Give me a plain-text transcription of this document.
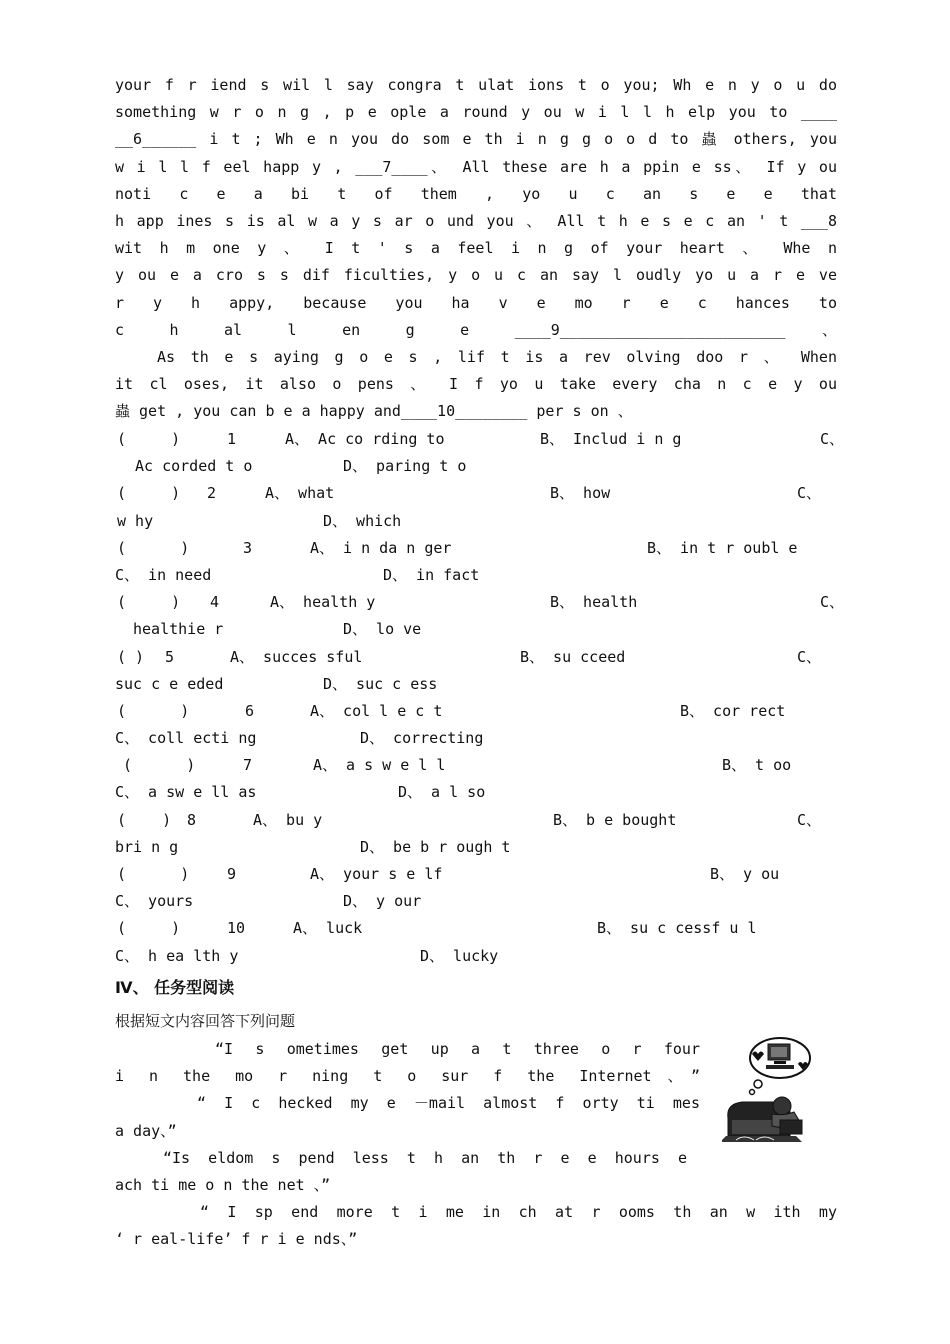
your f r iend s wil l say congra t ulat ions t o you; Wh e n y o u do
something w r o n g , p e ople a round y ou w i l l h elp you to ____
__6______ i t ; Wh e n you do som e th i n g g o o d to 蟲 others, you
w i l l f eel happ y , ___7____、 All these are h a ppin e ss、 If y ou
noti c e a bi t of them , yo u c an s e e that
h app ines s is al w a y s ar o und you 、 All t h e s e c an ' t ___8
wit h m one y 、 I t ' s a feel i n g of your heart 、 Whe n
y ou e a cro s s dif ficulties, y o u c an say l oudly yo u a r e ve
r y h appy, because you ha v e mo r e c hances to
c h al l en g e ____9_________________________、
As th e s aying g o e s , lif t is a rev olving doo r 、 When
it cl oses, it also o pens 、 I f yo u take every cha n c e y ou
蟲 get , you can b e a happy and____10________ per s on 、
(     )	1	A、 Ac co rding to	B、 Includ i n g	C、
Ac corded t o	D、 paring t o
(     ) 2	A、 what	B、 how	C、
w hy	D、 which
(      )	3	A、 i n da n ger	B、 in t r oubl e
C、 in need	D、 in fact
(     ) 4	A、 health y	B、 health	C、
healthie r	D、 lo ve
( ) 5	A、 succes sful	B、 su cceed	C、
suc c e eded	D、 suc c ess
(      )	6	A、 col l e c t	B、 cor rect
C、 coll ecti ng	D、 correcting
(      )	7	A、 a s w e l l	B、 t oo
C、 a sw e ll as	D、 a l so
(    ) 8	A、 bu y	B、 b e bought	C、
bri n g	D、 be b r ough t
(      )	9	A、 your s e lf	B、 y ou
C、 yours	D、 y our
(     )	10	A、 luck	B、 su c cessf u l
C、 h ea lth y	D、 lucky
Ⅳ、 任务型阅读
根据短文内容回答下列问题
“I s ometimes get up a t three o r four
i n the mo r ning t o sur f the Internet、”
“ I c hecked my e －mail almost f orty ti mes
a day、”
“Is eldom s pend less t h an th r e e hours e
ach ti me o n the net 、”
“ I sp end more t i me in ch at r ooms th an w ith my
‘ r eal-life’ f r i e nds、”
